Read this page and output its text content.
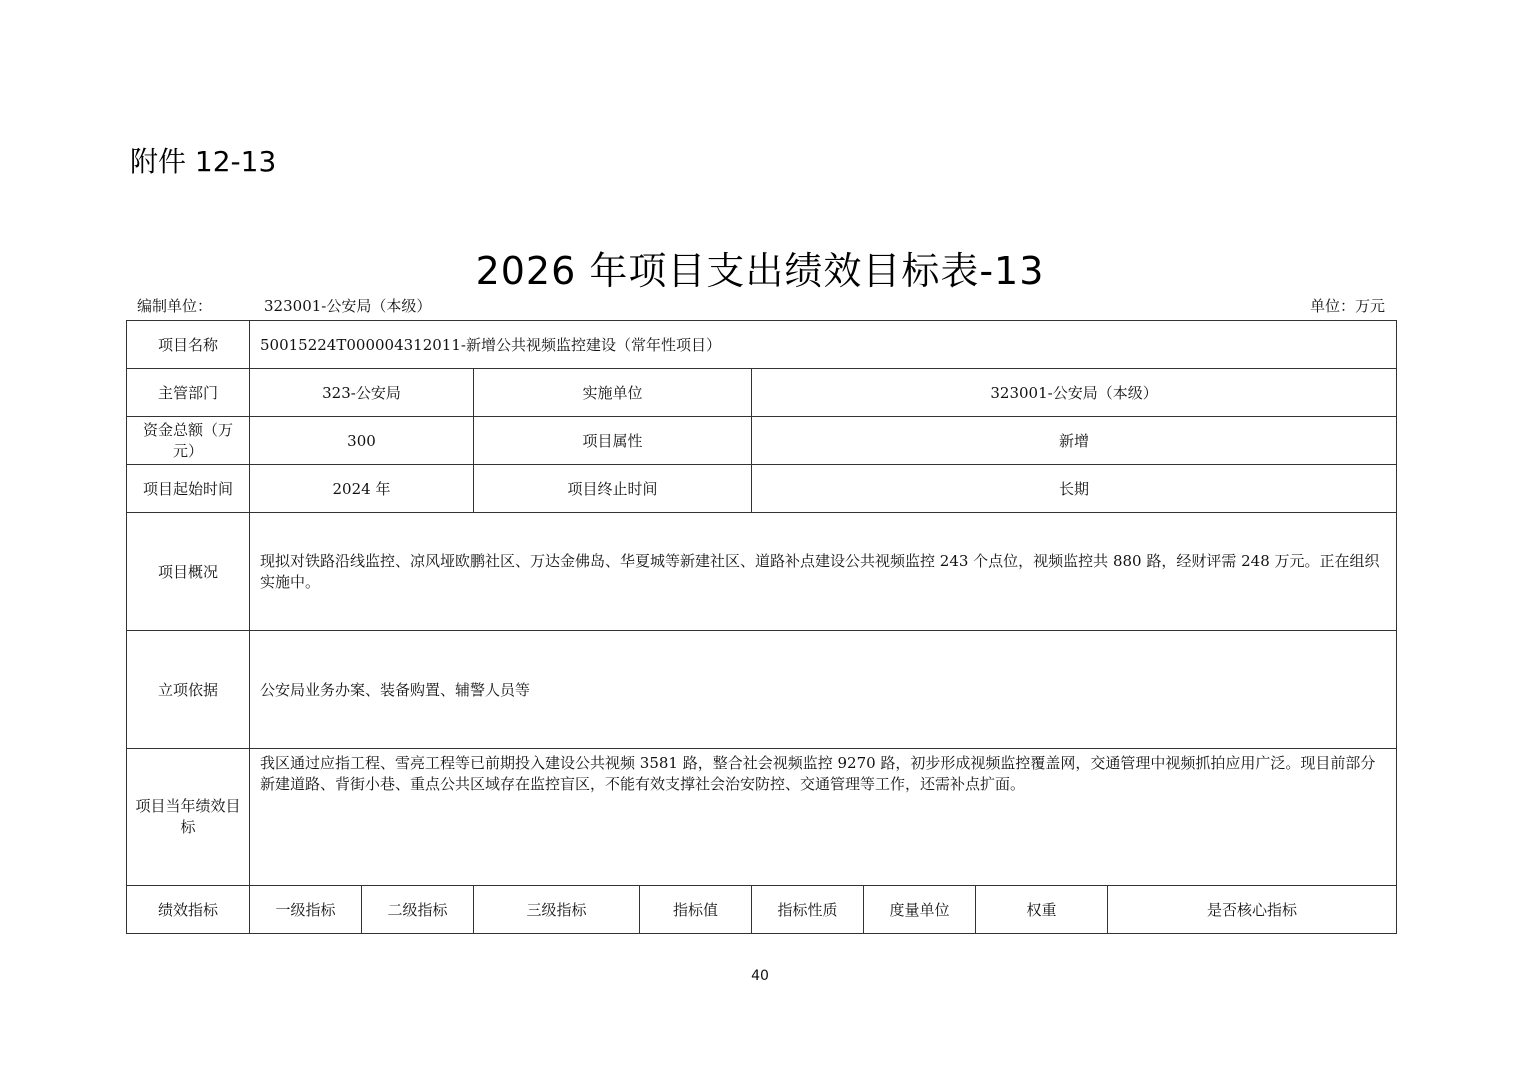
附件 12-13
2026 年项目支出绩效目标表-13
编制单位：	323001-公安局（本级）	单位：万元
项目名称	50015224T000004312011-新增公共视频监控建设（常年性项目）							
主管部门	323-公安局		实施单位		323001-公安局（本级）			
资金总额（万元）	300		项目属性		新增			
项目起始时间	2024 年		项目终止时间		长期			
项目概况	现拟对铁路沿线监控、凉风垭欧鹏社区、万达金佛岛、华夏城等新建社区、道路补点建设公共视频监控 243 个点位，视频监控共 880 路，经财评需 248 万元。正在组织实施中。							
立项依据	公安局业务办案、装备购置、辅警人员等							
项目当年绩效目标	我区通过应指工程、雪亮工程等已前期投入建设公共视频 3581 路，整合社会视频监控 9270 路，初步形成视频监控覆盖网，交通管理中视频抓拍应用广泛。现目前部分新建道路、背街小巷、重点公共区域存在监控盲区，不能有效支撑社会治安防控、交通管理等工作，还需补点扩面。							
绩效指标	一级指标	二级指标	三级指标	指标值	指标性质	度量单位	权重	是否核心指标
40
